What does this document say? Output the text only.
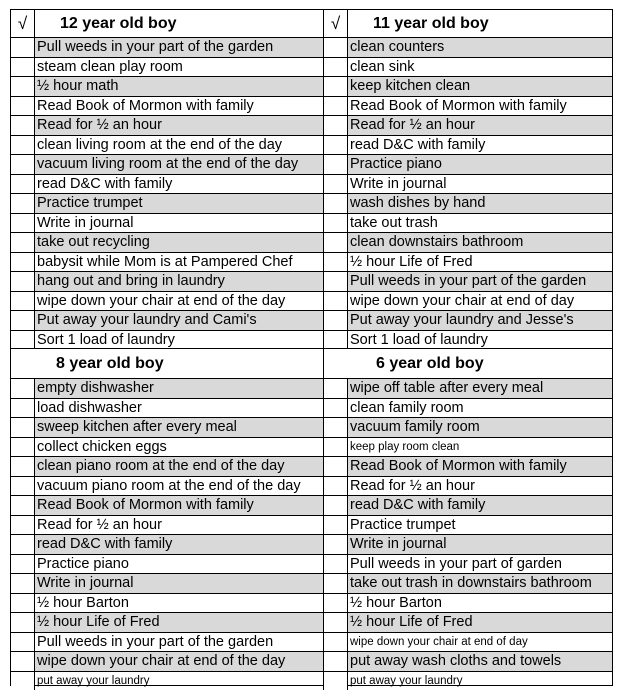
√	12 year old boy
Pull weeds in your part of the garden
steam clean play room
½ hour math
Read Book of Mormon with family
Read for ½ an hour
clean living room at the end of the day
vacuum living room at the end of the day
read D&C with family
Practice trumpet
Write in journal
take out recycling
babysit while Mom is at Pampered Chef
hang out and bring in laundry
wipe down your chair at end of the day
Put away your laundry and Cami's
Sort 1 load of laundry
√	11 year old boy
clean counters
clean sink
keep kitchen clean
Read Book of Mormon with family
Read for ½ an hour
read D&C with family
Practice piano
Write in journal
wash dishes by hand
take out trash
clean downstairs bathroom
½ hour Life of Fred
Pull weeds in your part of the garden
wipe down your chair at end of day
Put away your laundry and Jesse's
Sort 1 load of laundry
8 year old boy
empty dishwasher
load dishwasher
sweep kitchen after every meal
collect chicken eggs
clean piano room at the end of the day
vacuum piano room at the end of the day
Read Book of Mormon with family
Read for ½ an hour
read D&C with family
Practice piano
Write in journal
½ hour Barton
½ hour Life of Fred
Pull weeds in your part of the garden
wipe down your chair at end of the day
put away your laundry
6 year old boy
wipe off table after every meal
clean family room
vacuum family room
keep play room clean
Read Book of Mormon with family
Read for ½ an hour
read D&C with family
Practice trumpet
Write in journal
Pull weeds in your part of garden
take out trash in downstairs bathroom
½ hour Barton
½ hour Life of Fred
wipe down your chair at end of day
put away wash cloths and towels
put away your laundry
